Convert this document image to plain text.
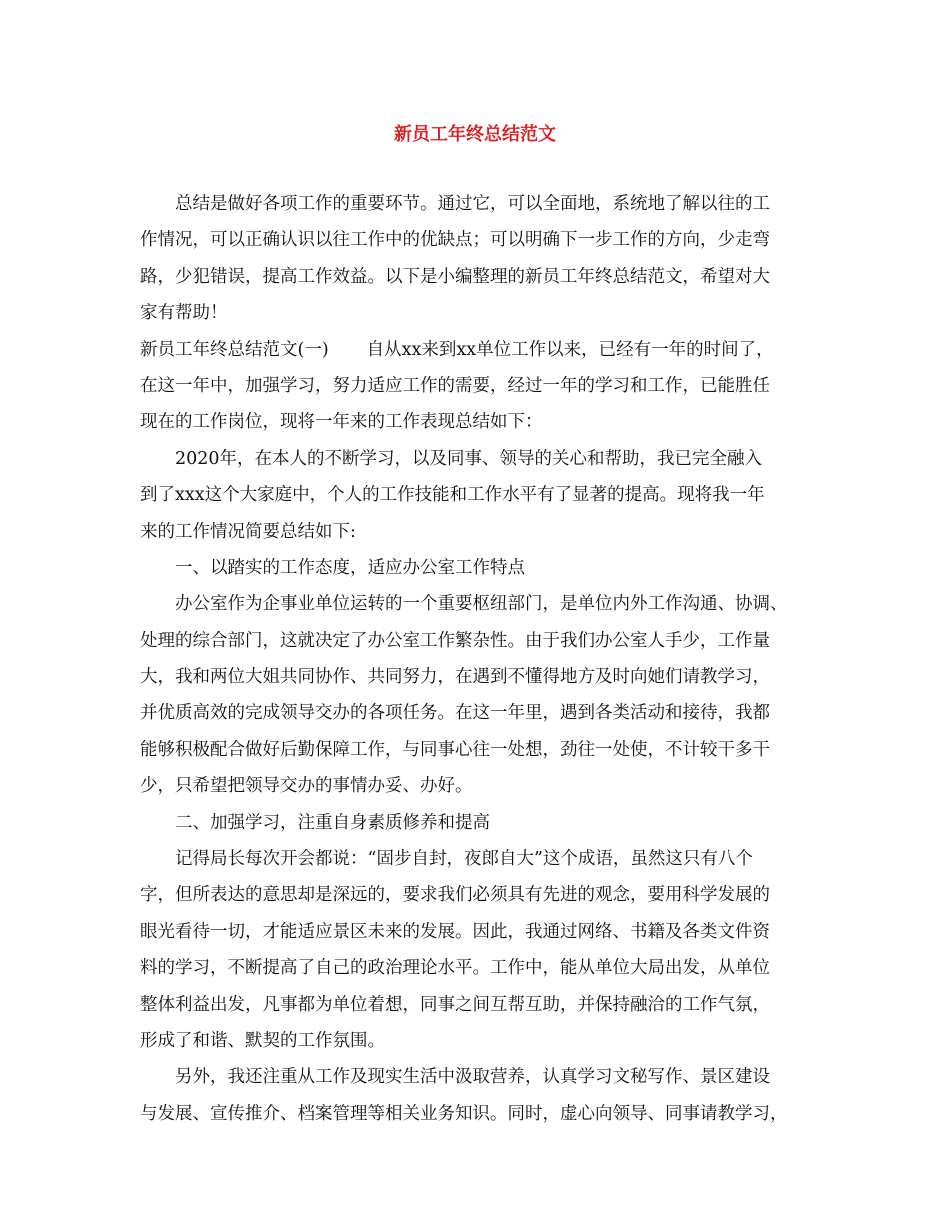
新员工年终总结范文
总结是做好各项工作的重要环节。通过它，可以全面地，系统地了解以往的工
作情况，可以正确认识以往工作中的优缺点；可以明确下一步工作的方向，少走弯
路，少犯错误，提高工作效益。以下是小编整理的新员工年终总结范文，希望对大
家有帮助！
新员工年终总结范文(一) 自从xx来到xx单位工作以来，已经有一年的时间了，
在这一年中，加强学习，努力适应工作的需要，经过一年的学习和工作，已能胜任
现在的工作岗位，现将一年来的工作表现总结如下：
2020年，在本人的不断学习，以及同事、领导的关心和帮助，我已完全融入
到了xxx这个大家庭中，个人的工作技能和工作水平有了显著的提高。现将我一年
来的工作情况简要总结如下:
一、以踏实的工作态度，适应办公室工作特点
办公室作为企事业单位运转的一个重要枢纽部门，是单位内外工作沟通、协调、
处理的综合部门，这就决定了办公室工作繁杂性。由于我们办公室人手少，工作量
大，我和两位大姐共同协作、共同努力，在遇到不懂得地方及时向她们请教学习，
并优质高效的完成领导交办的各项任务。在这一年里，遇到各类活动和接待，我都
能够积极配合做好后勤保障工作，与同事心往一处想，劲往一处使，不计较干多干
少，只希望把领导交办的事情办妥、办好。
二、加强学习，注重自身素质修养和提高
记得局长每次开会都说：“固步自封，夜郎自大”这个成语，虽然这只有八个
字，但所表达的意思却是深远的，要求我们必须具有先进的观念，要用科学发展的
眼光看待一切，才能适应景区未来的发展。因此，我通过网络、书籍及各类文件资
料的学习，不断提高了自己的政治理论水平。工作中，能从单位大局出发，从单位
整体利益出发，凡事都为单位着想，同事之间互帮互助，并保持融洽的工作气氛，
形成了和谐、默契的工作氛围。
另外，我还注重从工作及现实生活中汲取营养，认真学习文秘写作、景区建设
与发展、宣传推介、档案管理等相关业务知识。同时，虚心向领导、同事请教学习，
